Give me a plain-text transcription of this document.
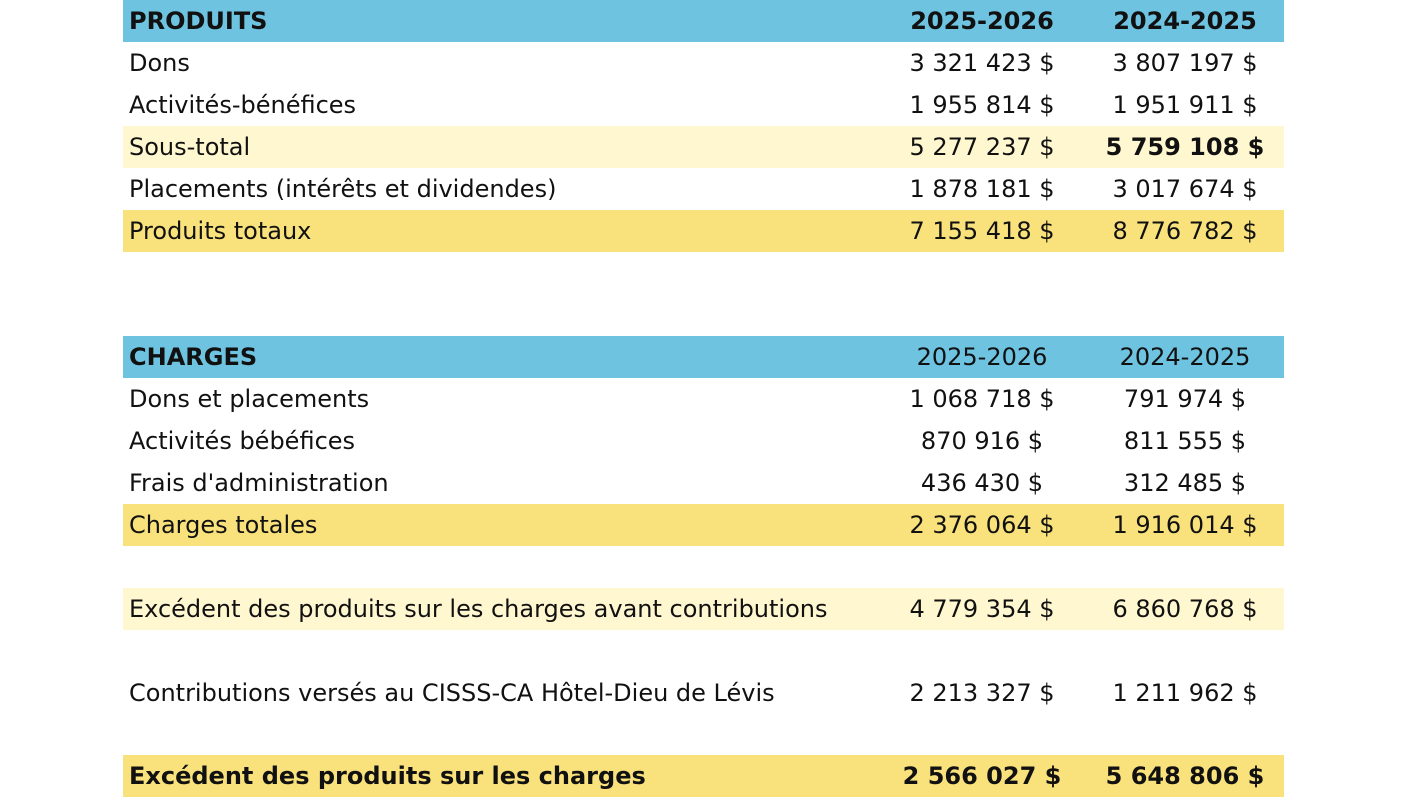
PRODUITS	2025-2026	2024-2025
Dons	3 321 423 $	3 807 197 $
Activités-bénéfices	1 955 814 $	1 951 911 $
Sous-total	5 277 237 $	5 759 108 $
Placements (intérêts et dividendes)	1 878 181 $	3 017 674 $
Produits totaux	7 155 418 $	8 776 782 $
CHARGES	2025-2026	2024-2025
Dons et placements	1 068 718 $	791 974 $
Activités bébéfices	870 916 $	811 555 $
Frais d'administration	436 430 $	312 485 $
Charges totales	2 376 064 $	1 916 014 $
Excédent des produits sur les charges avant contributions	4 779 354 $	6 860 768 $
Contributions versés au CISSS-CA Hôtel-Dieu de Lévis	2 213 327 $	1 211 962 $
Excédent des produits sur les charges	2 566 027 $	5 648 806 $
